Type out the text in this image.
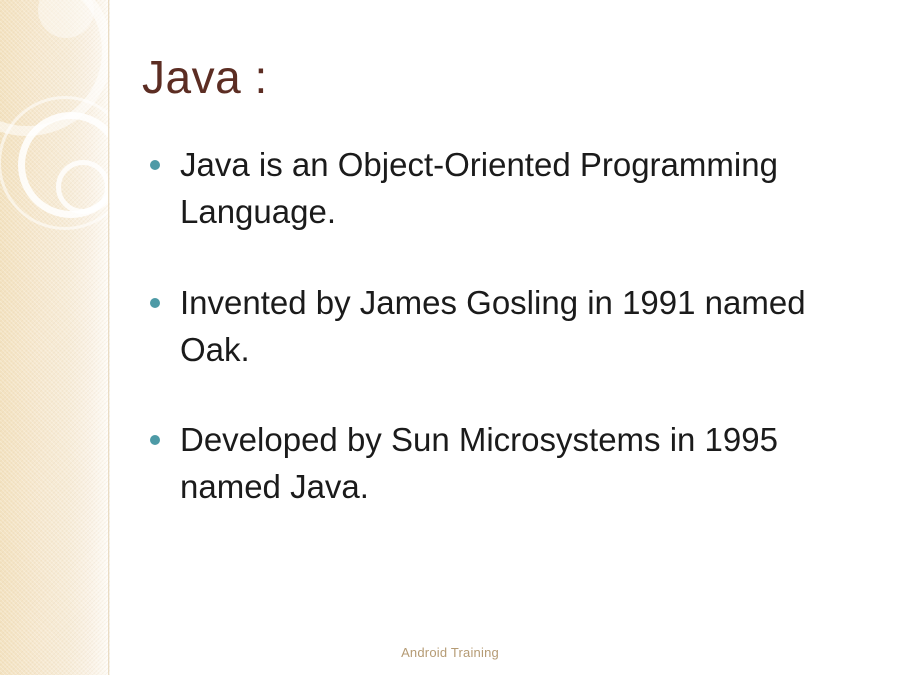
Java :
Java is an Object-Oriented Programming Language.
Invented by James Gosling in 1991 named Oak.
Developed by Sun Microsystems in 1995 named Java.
Android Training
